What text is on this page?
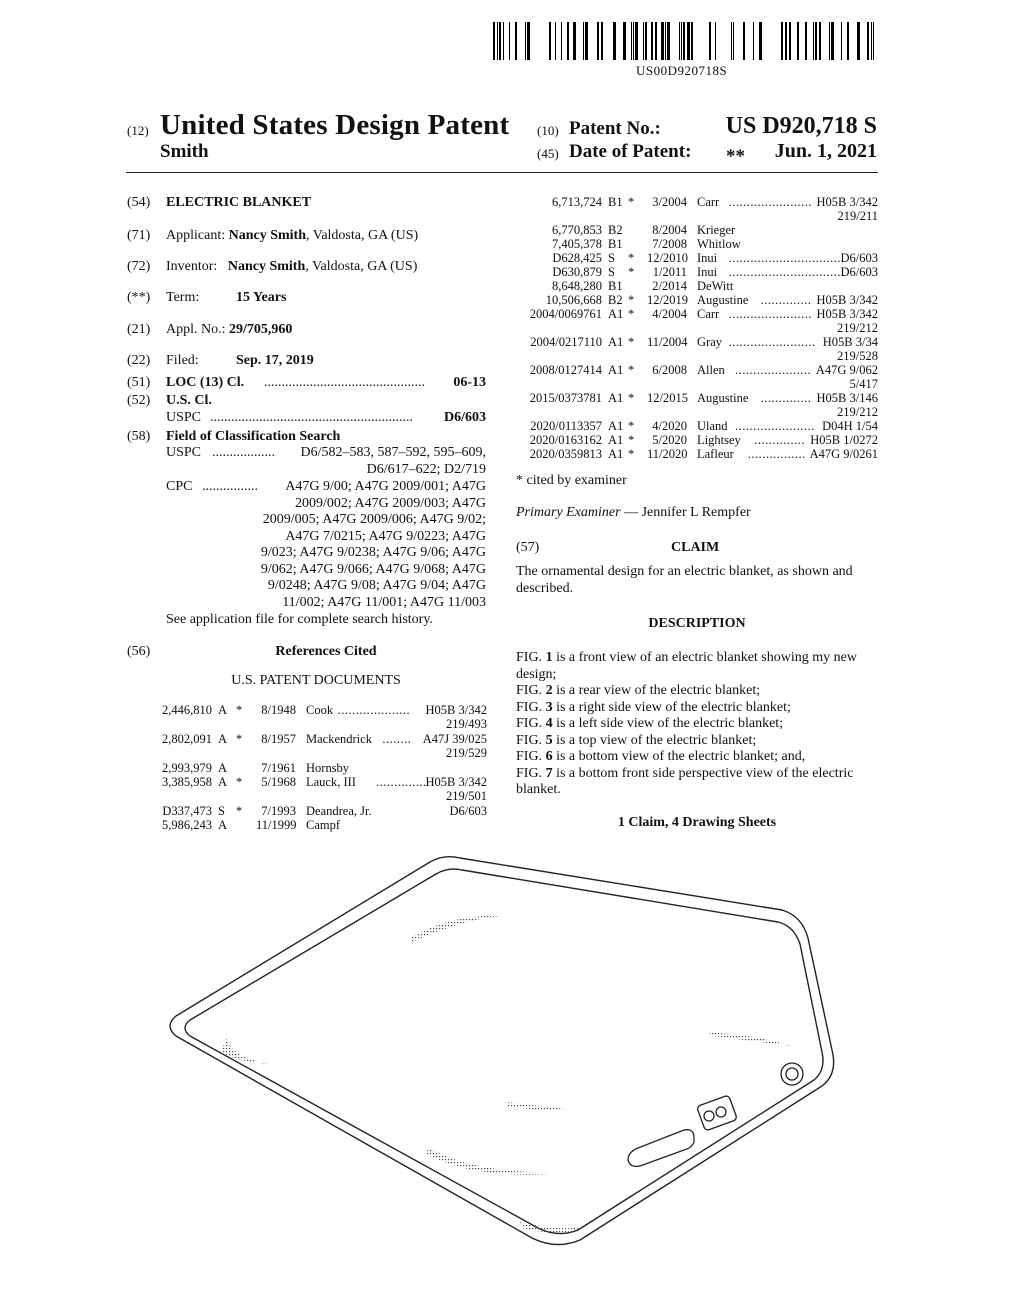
US00D920718S
(12) United States Design Patent
Smith
(10) Patent No.:	US D920,718 S
(45) Date of Patent: **	Jun. 1, 2021
(54) ELECTRIC BLANKET
(71) Applicant: Nancy Smith, Valdosta, GA (US)
(72) Inventor: Nancy Smith, Valdosta, GA (US)
(**) Term:	15 Years
(21) Appl. No.: 29/705,960
(22) Filed:	Sep. 17, 2019
(51) LOC (13) Cl. ..............................................	06-13
(52) U.S. Cl.
USPC ..........................................................	D6/603
(58) Field of Classification Search
USPC ..................	D6/582–583, 587–592, 595–609,
D6/617–622; D2/719
CPC ................	A47G 9/00; A47G 2009/001; A47G
2009/002; A47G 2009/003; A47G
2009/005; A47G 2009/006; A47G 9/02;
A47G 7/0215; A47G 9/0223; A47G
9/023; A47G 9/0238; A47G 9/06; A47G
9/062; A47G 9/066; A47G 9/068; A47G
9/0248; A47G 9/08; A47G 9/04; A47G
11/002; A47G 11/001; A47G 11/003
See application file for complete search history.
(56)	References Cited
U.S. PATENT DOCUMENTS
2,446,810 A *	8/1948 Cook ....................	H05B 3/342
219/493
2,802,091 A *	8/1957 Mackendrick ........ A47J 39/025
219/529
2,993,979 A	7/1961 Hornsby
3,385,958 A *	5/1968 Lauck, III ..............
H05B 3/342
219/501
D337,473 S *	7/1993 Deandrea, Jr.	D6/603
5,986,243 A 11/1999 Campf
6,713,724 B1 *	3/2004 Carr ....................... H05B 3/342
219/211
6,770,853 B2	8/2004 Krieger
7,405,378 B1	7/2008 Whitlow
D628,425 S * 12/2010 Inui ................................
D6/603
D630,879 S *	1/2011 Inui ................................
D6/603
8,648,280 B1	2/2014 DeWitt
10,506,668 B2 * 12/2019 Augustine .............. H05B 3/342
2004/0069761 A1 *	4/2004 Carr ....................... H05B 3/342
219/212
2004/0217110 A1 * 11/2004 Gray ........................ H05B 3/34
219/528
2008/0127414 A1 *	6/2008 Allen ..................... A47G 9/062
5/417
2015/0373781 A1 * 12/2015 Augustine .............. H05B 3/146
219/212
2020/0113357 A1 *	4/2020 Uland ...................... D04H 1/54
2020/0163162 A1 *	5/2020 Lightsey .............. H05B 1/0272
2020/0359813 A1 * 11/2020 Lafleur ................ A47G 9/0261
* cited by examiner
Primary Examiner — Jennifer L Rempfer
(57)	CLAIM
The ornamental design for an electric blanket, as shown and described.
DESCRIPTION
FIG. 1 is a front view of an electric blanket showing my new design;
FIG. 2 is a rear view of the electric blanket;
FIG. 3 is a right side view of the electric blanket;
FIG. 4 is a left side view of the electric blanket;
FIG. 5 is a top view of the electric blanket;
FIG. 6 is a bottom view of the electric blanket; and,
FIG. 7 is a bottom front side perspective view of the electric blanket.
1 Claim, 4 Drawing Sheets
